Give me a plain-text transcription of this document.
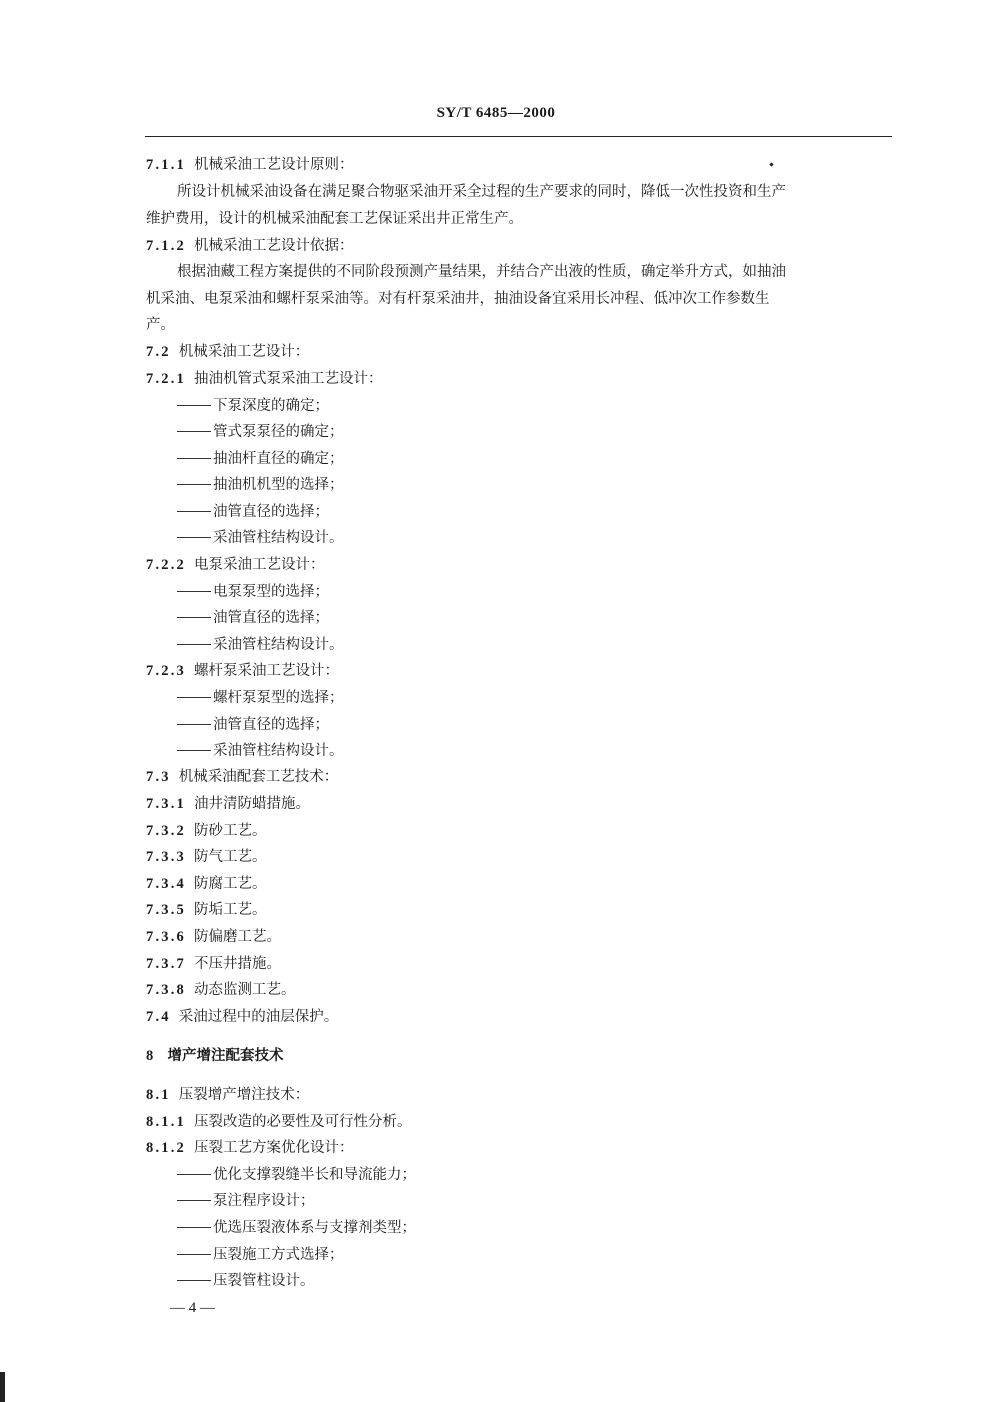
SY/T 6485—2000
7.1.1 机械采油工艺设计原则：
所设计机械采油设备在满足聚合物驱采油开采全过程的生产要求的同时，降低一次性投资和生产
维护费用，设计的机械采油配套工艺保证采出井正常生产。
7.1.2 机械采油工艺设计依据：
根据油藏工程方案提供的不同阶段预测产量结果，并结合产出液的性质，确定举升方式，如抽油
机采油、电泵采油和螺杆泵采油等。对有杆泵采油井，抽油设备宜采用长冲程、低冲次工作参数生
产。
7.2 机械采油工艺设计：
7.2.1 抽油机管式泵采油工艺设计：
下泵深度的确定；
管式泵泵径的确定；
抽油杆直径的确定；
抽油机机型的选择；
油管直径的选择；
采油管柱结构设计。
7.2.2 电泵采油工艺设计：
电泵泵型的选择；
油管直径的选择；
采油管柱结构设计。
7.2.3 螺杆泵采油工艺设计：
螺杆泵泵型的选择；
油管直径的选择；
采油管柱结构设计。
7.3 机械采油配套工艺技术：
7.3.1 油井清防蜡措施。
7.3.2 防砂工艺。
7.3.3 防气工艺。
7.3.4 防腐工艺。
7.3.5 防垢工艺。
7.3.6 防偏磨工艺。
7.3.7 不压井措施。
7.3.8 动态监测工艺。
7.4 采油过程中的油层保护。
8 增产增注配套技术
8.1 压裂增产增注技术：
8.1.1 压裂改造的必要性及可行性分析。
8.1.2 压裂工艺方案优化设计：
优化支撑裂缝半长和导流能力；
泵注程序设计；
优选压裂液体系与支撑剂类型；
压裂施工方式选择；
压裂管柱设计。
— 4 —
